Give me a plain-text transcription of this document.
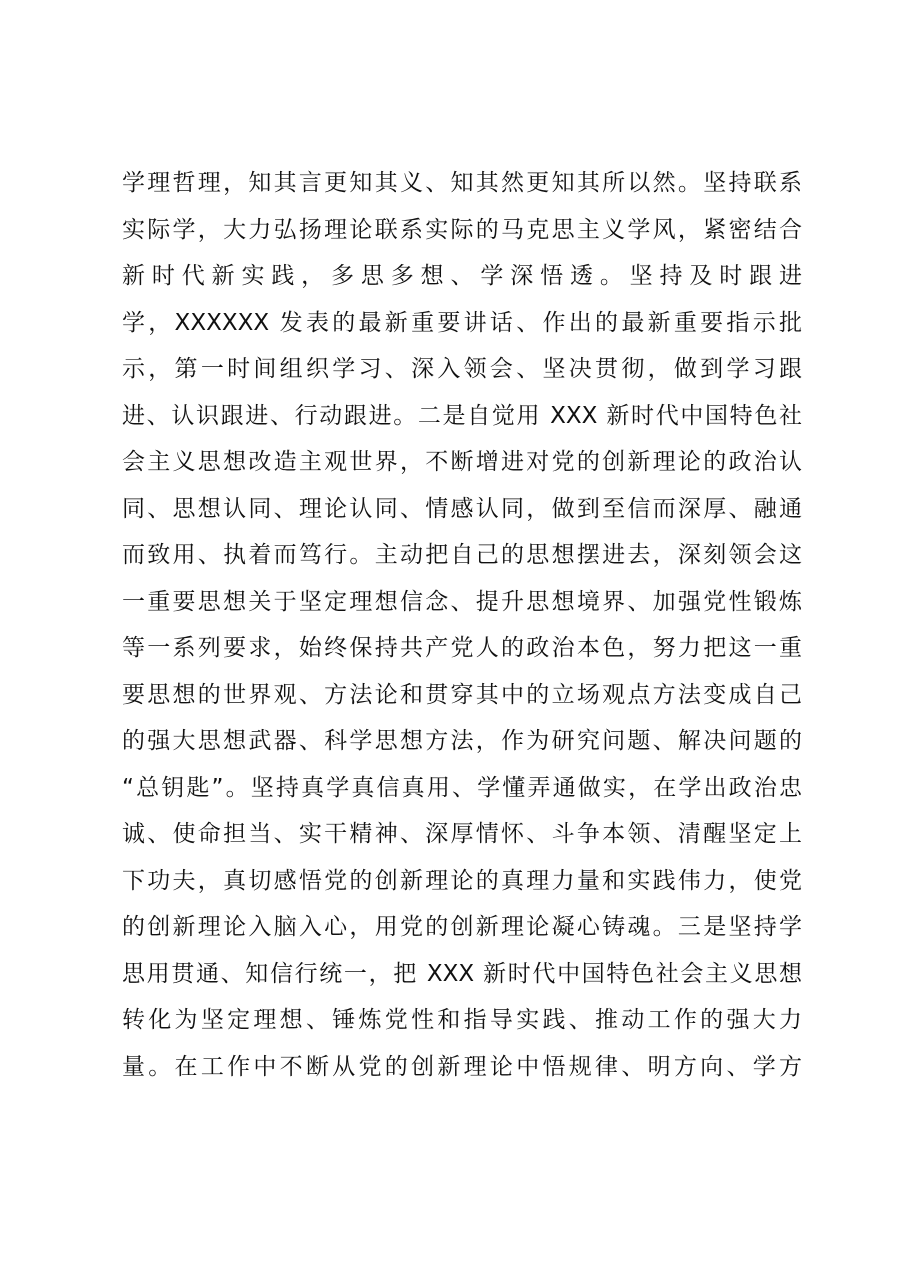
学理哲理，知其言更知其义、知其然更知其所以然。坚持联系
实际学，大力弘扬理论联系实际的马克思主义学风，紧密结合
新时代新实践，多思多想、学深悟透。坚持及时跟进
学，XXXXXX 发表的最新重要讲话、作出的最新重要指示批
示，第一时间组织学习、深入领会、坚决贯彻，做到学习跟
进、认识跟进、行动跟进。二是自觉用 XXX 新时代中国特色社
会主义思想改造主观世界，不断增进对党的创新理论的政治认
同、思想认同、理论认同、情感认同，做到至信而深厚、融通
而致用、执着而笃行。主动把自己的思想摆进去，深刻领会这
一重要思想关于坚定理想信念、提升思想境界、加强党性锻炼
等一系列要求，始终保持共产党人的政治本色，努力把这一重
要思想的世界观、方法论和贯穿其中的立场观点方法变成自己
的强大思想武器、科学思想方法，作为研究问题、解决问题的
“总钥匙”。坚持真学真信真用、学懂弄通做实，在学出政治忠
诚、使命担当、实干精神、深厚情怀、斗争本领、清醒坚定上
下功夫，真切感悟党的创新理论的真理力量和实践伟力，使党
的创新理论入脑入心，用党的创新理论凝心铸魂。三是坚持学
思用贯通、知信行统一，把 XXX 新时代中国特色社会主义思想
转化为坚定理想、锤炼党性和指导实践、推动工作的强大力
量。在工作中不断从党的创新理论中悟规律、明方向、学方
